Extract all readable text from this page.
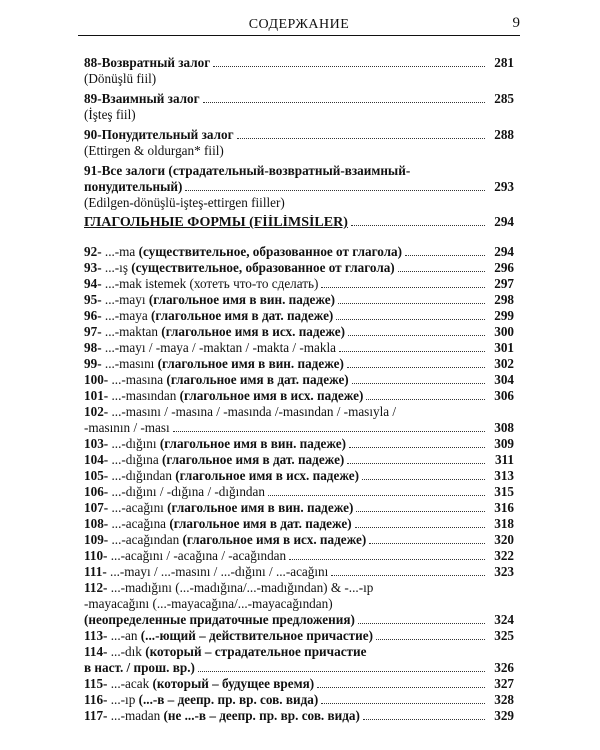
СОДЕРЖАНИЕ	9
88-Возвратный залог	281
(Dönüşlü fiil)
89-Взаимный залог	285
(İşteş fiil)
90-Понудительный залог	288
(Ettirgen & oldurgan* fiil)
91-Все залоги (страдательный-возвратный-взаимный-
понудительный)	293
(Edilgen-dönüşlü-işteş-ettirgen fiiller)
ГЛАГОЛЬНЫЕ ФОРМЫ (FİİLİMSİLER)	294
92- ...-ma (существительное, образованное от глагола)	294
93- ...-ış (существительное, образованное от глагола)	296
94- ...-mak istemek (хотеть что-то сделать)	297
95- ...-mayı (глагольное имя в вин. падеже)	298
96- ...-maya (глагольное имя в дат. падеже)	299
97- ...-maktan (глагольное имя в исх. падеже)	300
98- ...-mayı / -maya / -maktan / -makta / -makla	301
99- ...-masını (глагольное имя в вин. падеже)	302
100- ...-masına (глагольное имя в дат. падеже)	304
101- ...-masından (глагольное имя в исх. падеже)	306
102- ...-masını / -masına / -masında /-masından / -masıyla /
-masının / -ması	308
103- ...-dığını (глагольное имя в вин. падеже)	309
104- ...-dığına (глагольное имя в дат. падеже)	311
105- ...-dığından (глагольное имя в исх. падеже)	313
106- ...-dığını / -dığına / -dığından	315
107- ...-acağını (глагольное имя в вин. падеже)	316
108- ...-acağına (глагольное имя в дат. падеже)	318
109- ...-acağından (глагольное имя в исх. падеже)	320
110- ...-acağını / -acağına / -acağından	322
111- ...-mayı / ...-masını / ...-dığını / ...-acağını	323
112- ...-madığını (...-madığına/...-madığından) & -...-ıp
-mayacağını (...-mayacağına/...-mayacağından)
(неопределенные придаточные предложения)	324
113- ...-an (...-ющий – действительное причастие)	325
114- ...-dık (который – страдательное причастие
в наст. / прош. вр.)	326
115- ...-acak (который – будущее время)	327
116- ...-ıp (...-в – деепр. пр. вр. сов. вида)	328
117- ...-madan (не ...-в – деепр. пр. вр. сов. вида)	329
